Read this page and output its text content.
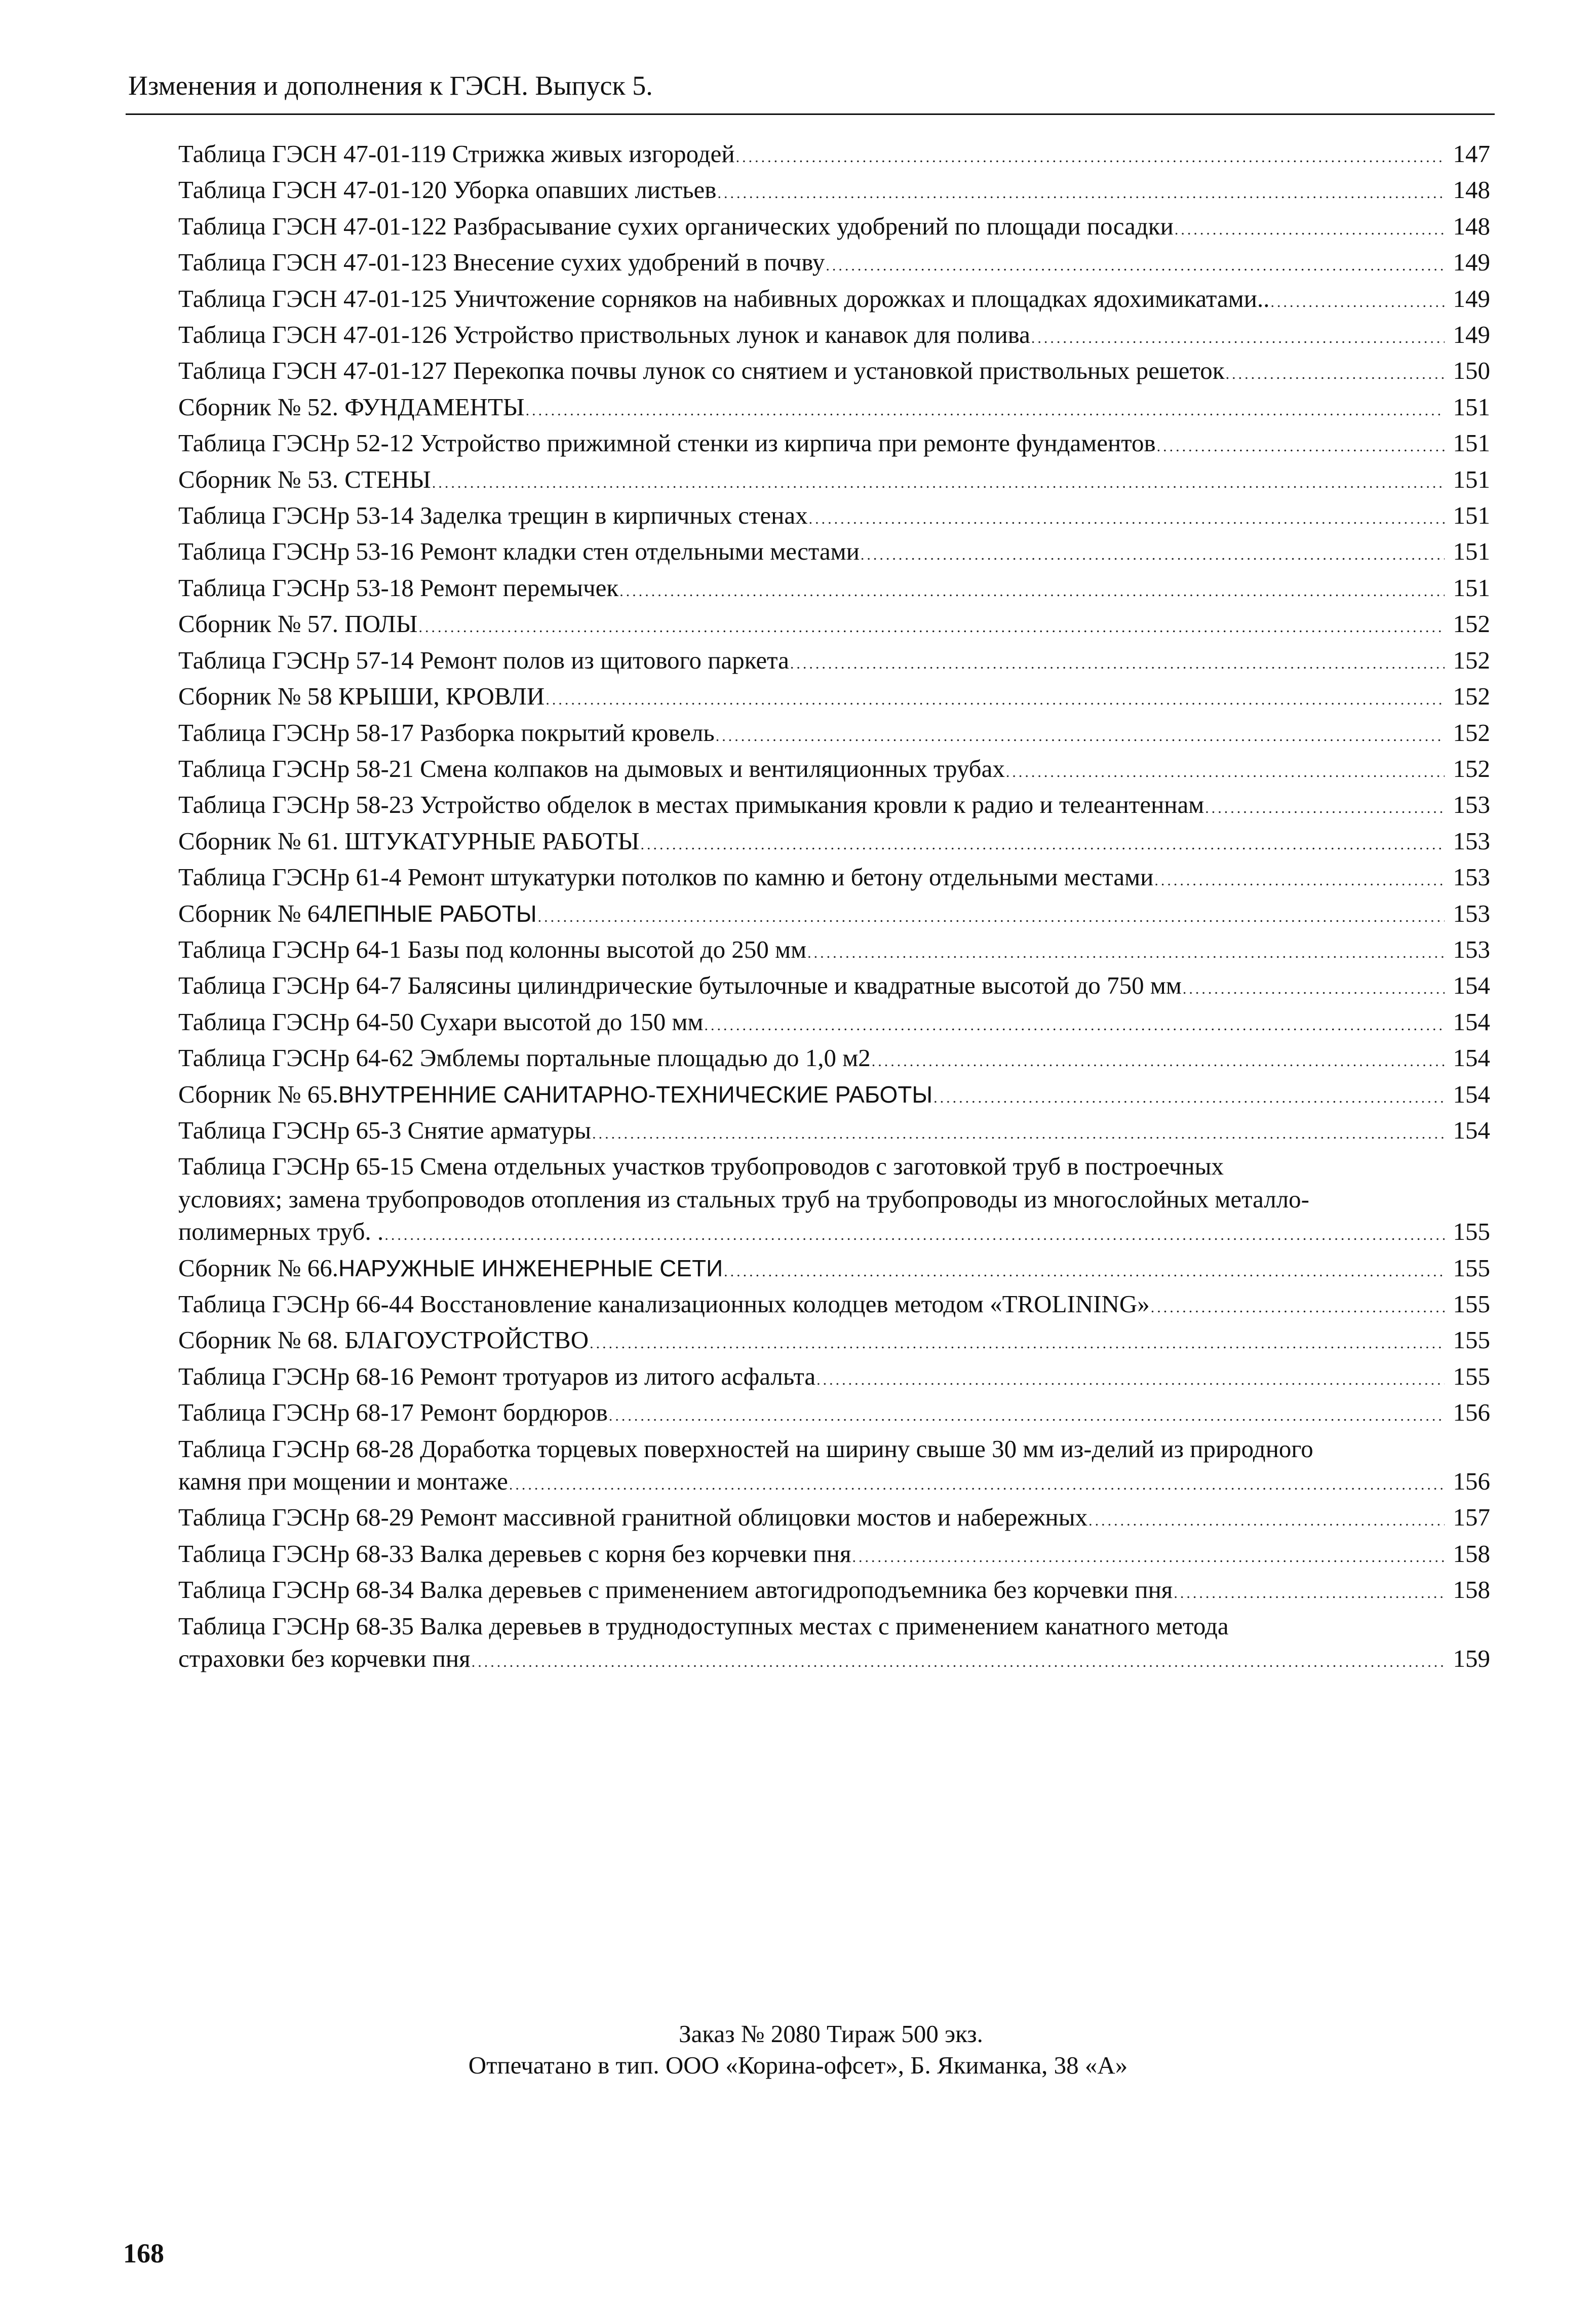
Изменения и дополнения к ГЭСН. Выпуск 5.
Таблица ГЭСН 47-01-119 Стрижка живых изгородей .....	147
Таблица ГЭСН 47-01-120 Уборка опавших листьев .....	148
Таблица ГЭСН 47-01-122 Разбрасывание сухих органических удобрений по площади посадки .....	148
Таблица ГЭСН 47-01-123 Внесение сухих удобрений в почву .....	149
Таблица ГЭСН 47-01-125 Уничтожение сорняков на набивных дорожках и площадках ядохимикатами.. .....	149
Таблица ГЭСН 47-01-126 Устройство приствольных лунок и канавок для полива .....	149
Таблица ГЭСН 47-01-127 Перекопка почвы лунок со снятием и установкой приствольных решеток .....	150
Сборник № 52. ФУНДАМЕНТЫ .....	151
Таблица ГЭСНр 52-12 Устройство прижимной стенки из кирпича при ремонте фундаментов .....	151
Сборник № 53. СТЕНЫ .....	151
Таблица ГЭСНр 53-14 Заделка трещин в кирпичных стенах .....	151
Таблица ГЭСНр 53-16 Ремонт кладки стен отдельными местами .....	151
Таблица ГЭСНр 53-18 Ремонт перемычек .....	151
Сборник № 57. ПОЛЫ .....	152
Таблица ГЭСНр 57-14 Ремонт полов из щитового паркета .....	152
Сборник № 58 КРЫШИ, КРОВЛИ .....	152
Таблица ГЭСНр 58-17 Разборка покрытий кровель .....	152
Таблица ГЭСНр 58-21 Смена колпаков на дымовых и вентиляционных трубах .....	152
Таблица ГЭСНр 58-23 Устройство обделок в местах примыкания кровли к радио и телеантеннам .....	153
Сборник № 61. ШТУКАТУРНЫЕ РАБОТЫ .....	153
Таблица ГЭСНр 61-4 Ремонт штукатурки потолков по камню и бетону отдельными местами .....	153
Сборник № 64 ЛЕПНЫЕ РАБОТЫ .....	153
Таблица ГЭСНр 64-1 Базы под колонны высотой до 250 мм .....	153
Таблица ГЭСНр 64-7 Балясины цилиндрические бутылочные и квадратные высотой до 750 мм .....	154
Таблица ГЭСНр 64-50 Сухари высотой до 150 мм .....	154
Таблица ГЭСНр 64-62 Эмблемы портальные площадью до 1,0 м2 .....	154
Сборник № 65. ВНУТРЕННИЕ САНИТАРНО-ТЕХНИЧЕСКИЕ РАБОТЫ .....	154
Таблица ГЭСНр 65-3 Снятие арматуры .....	154
Таблица ГЭСНр 65-15 Смена отдельных участков трубопроводов с заготовкой труб в построечных
условиях; замена трубопроводов отопления из стальных труб на трубопроводы из многослойных металло-
полимерных труб. . .....	155
Сборник № 66. НАРУЖНЫЕ ИНЖЕНЕРНЫЕ СЕТИ .....	155
Таблица ГЭСНр 66-44 Восстановление канализационных колодцев методом «TROLINING» .....	155
Сборник № 68. БЛАГОУСТРОЙСТВО .....	155
Таблица ГЭСНр 68-16 Ремонт тротуаров из литого асфальта .....	155
Таблица ГЭСНр 68-17 Ремонт бордюров .....	156
Таблица ГЭСНр 68-28 Доработка торцевых поверхностей на ширину свыше 30 мм из-делий из природного
камня при мощении и монтаже .....	156
Таблица ГЭСНр 68-29 Ремонт массивной гранитной облицовки мостов и набережных .....	157
Таблица ГЭСНр 68-33 Валка деревьев с корня без корчевки пня .....	158
Таблица ГЭСНр 68-34 Валка деревьев с применением автогидроподъемника без корчевки пня .....	158
Таблица ГЭСНр 68-35 Валка деревьев в труднодоступных местах с применением канатного метода
страховки без корчевки пня .....	159
Заказ № 2080 Тираж 500 экз.
Отпечатано в тип. ООО «Корина-офсет», Б. Якиманка, 38 «А»
168
